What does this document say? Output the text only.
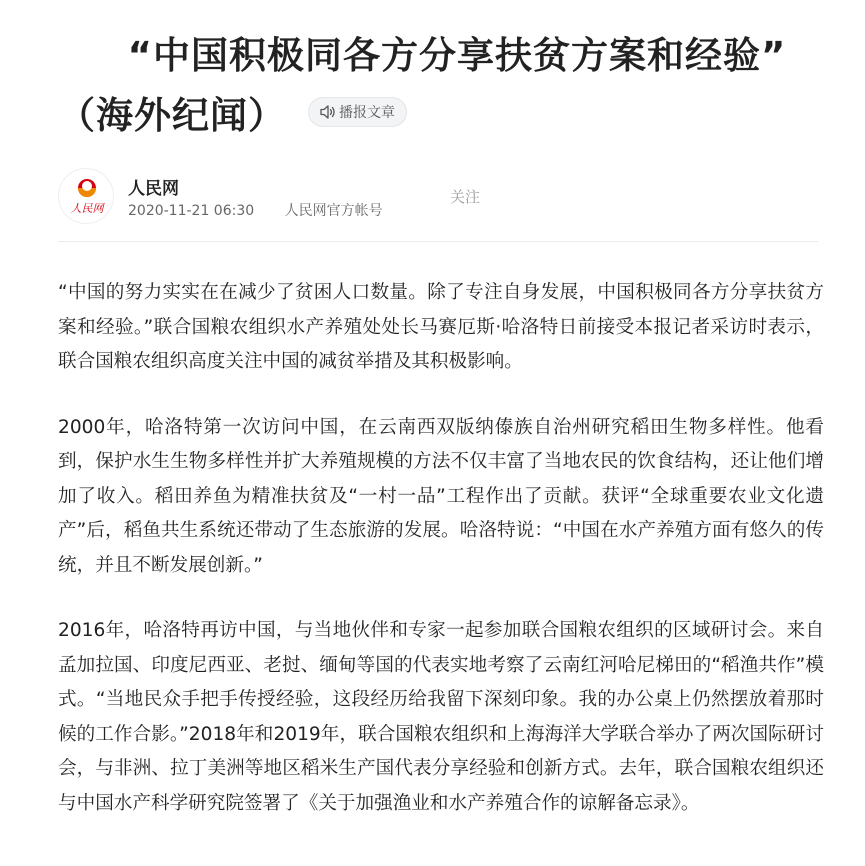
“中国积极同各方分享扶贫方案和经验”
（海外纪闻）	播报文章
人民网
人民网
2020-11-21 06:30 人民网官方帐号
关注

“中国的努力实实在在减少了贫困人口数量。除了专注自身发展，中国积极同各方分享扶贫方案和经验。”联合国粮农组织水产养殖处处长马赛厄斯·哈洛特日前接受本报记者采访时表示，联合国粮农组织高度关注中国的减贫举措及其积极影响。

2000年，哈洛特第一次访问中国，在云南西双版纳傣族自治州研究稻田生物多样性。他看到，保护水生生物多样性并扩大养殖规模的方法不仅丰富了当地农民的饮食结构，还让他们增加了收入。稻田养鱼为精准扶贫及“一村一品”工程作出了贡献。获评“全球重要农业文化遗产”后，稻鱼共生系统还带动了生态旅游的发展。哈洛特说：“中国在水产养殖方面有悠久的传统，并且不断发展创新。”

2016年，哈洛特再访中国，与当地伙伴和专家一起参加联合国粮农组织的区域研讨会。来自孟加拉国、印度尼西亚、老挝、缅甸等国的代表实地考察了云南红河哈尼梯田的“稻渔共作”模式。“当地民众手把手传授经验，这段经历给我留下深刻印象。我的办公桌上仍然摆放着那时候的工作合影。”2018年和2019年，联合国粮农组织和上海海洋大学联合举办了两次国际研讨会，与非洲、拉丁美洲等地区稻米生产国代表分享经验和创新方式。去年，联合国粮农组织还与中国水产科学研究院签署了《关于加强渔业和水产养殖合作的谅解备忘录》。
